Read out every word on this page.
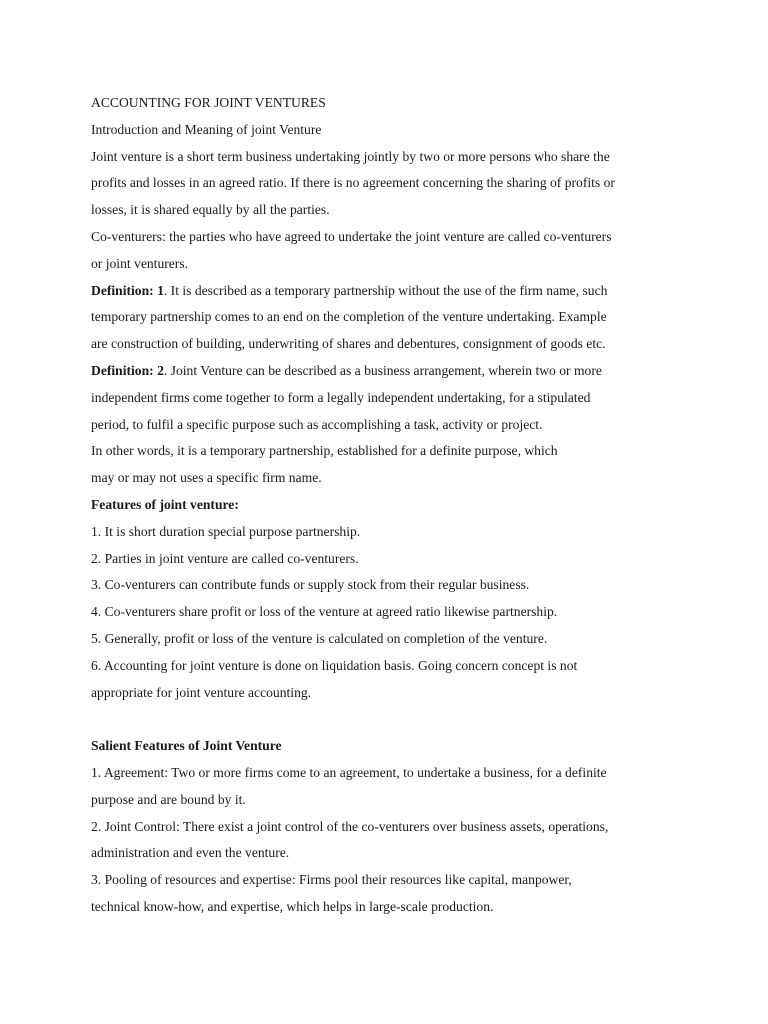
ACCOUNTING FOR JOINT VENTURES

Introduction and Meaning of joint Venture

Joint venture is a short term business undertaking jointly by two or more persons who share the

profits and losses in an agreed ratio. If there is no agreement concerning the sharing of profits or

losses, it is shared equally by all the parties.

Co-venturers: the parties who have agreed to undertake the joint venture are called co-venturers

or joint venturers.

Definition: 1. It is described as a temporary partnership without the use of the firm name, such

temporary partnership comes to an end on the completion of the venture undertaking. Example

are construction of building, underwriting of shares and debentures, consignment of goods etc.

Definition: 2. Joint Venture can be described as a business arrangement, wherein two or more

independent firms come together to form a legally independent undertaking, for a stipulated

period, to fulfil a specific purpose such as accomplishing a task, activity or project.

In other words, it is a temporary partnership, established for a definite purpose, which

may or may not uses a specific firm name.

Features of joint venture:

1. It is short duration special purpose partnership.

2. Parties in joint venture are called co-venturers.

3. Co-venturers can contribute funds or supply stock from their regular business.

4. Co-venturers share profit or loss of the venture at agreed ratio likewise partnership.

5. Generally, profit or loss of the venture is calculated on completion of the venture.

6. Accounting for joint venture is done on liquidation basis. Going concern concept is not

appropriate for joint venture accounting.

Salient Features of Joint Venture

1. Agreement: Two or more firms come to an agreement, to undertake a business, for a definite

purpose and are bound by it.

2. Joint Control: There exist a joint control of the co-venturers over business assets, operations,

administration and even the venture.

3. Pooling of resources and expertise: Firms pool their resources like capital, manpower,

technical know-how, and expertise, which helps in large-scale production.
